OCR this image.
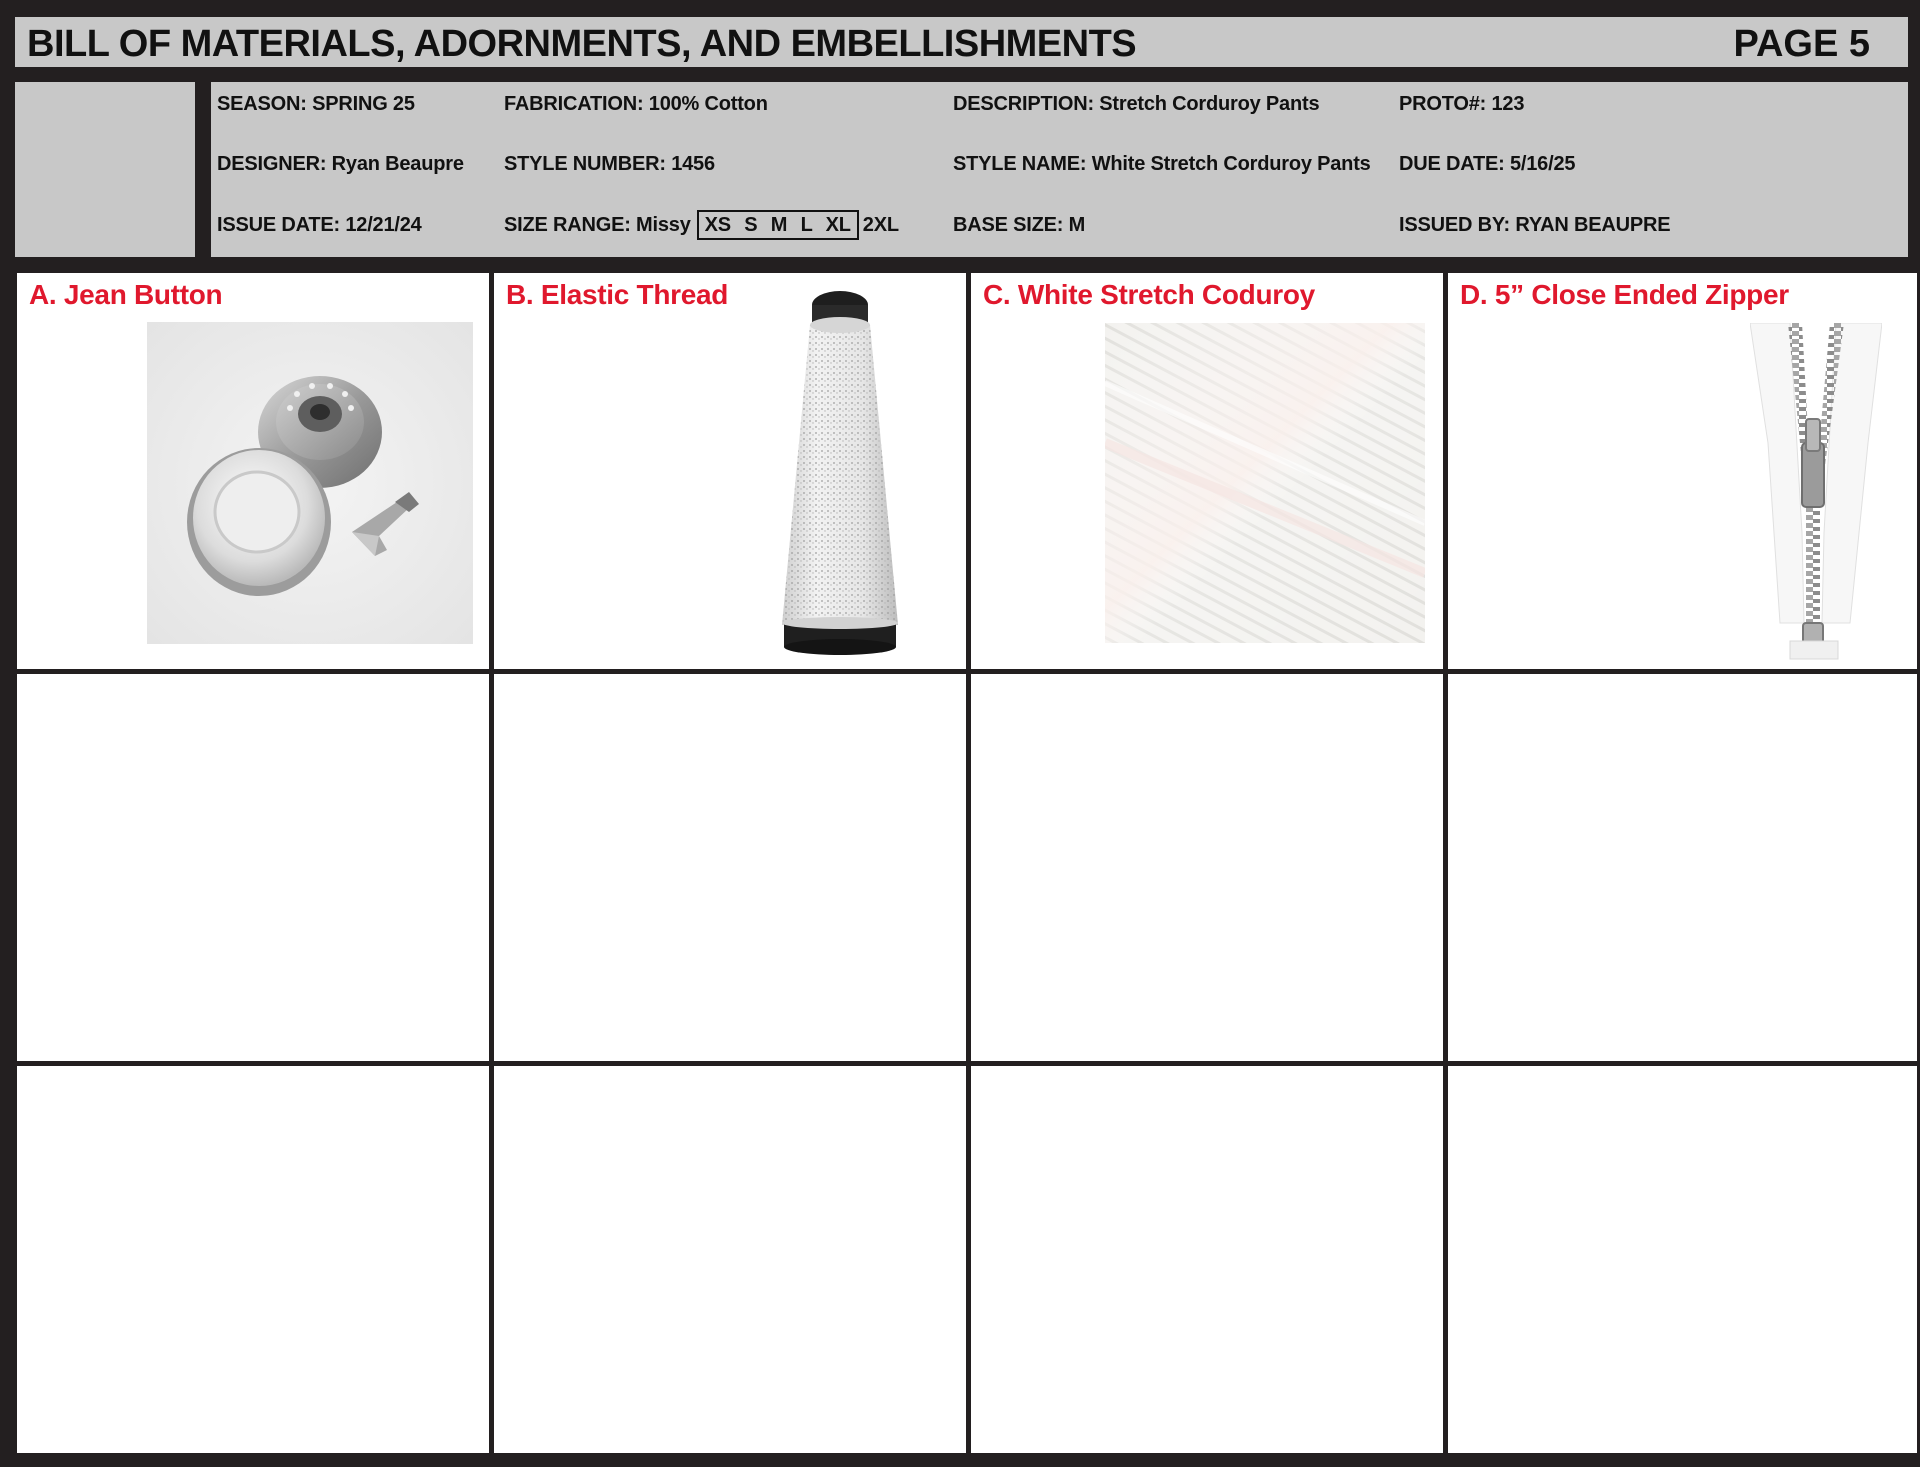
BILL OF MATERIALS, ADORNMENTS, AND EMBELLISHMENTS	PAGE 5
SEASON: SPRING 25	FABRICATION: 100% Cotton	DESCRIPTION: Stretch Corduroy Pants	PROTO#: 123
DESIGNER: Ryan Beaupre STYLE NUMBER: 1456	STYLE NAME: White Stretch Corduroy Pants DUE DATE: 5/16/25
ISSUE DATE: 12/21/24	SIZE RANGE: Missy XS S M L XL 2XL	BASE SIZE: M	ISSUED BY: RYAN BEAUPRE
A. Jean Button	B. Elastic Thread	C. White Stretch Coduroy	D. 5” Close Ended Zipper
